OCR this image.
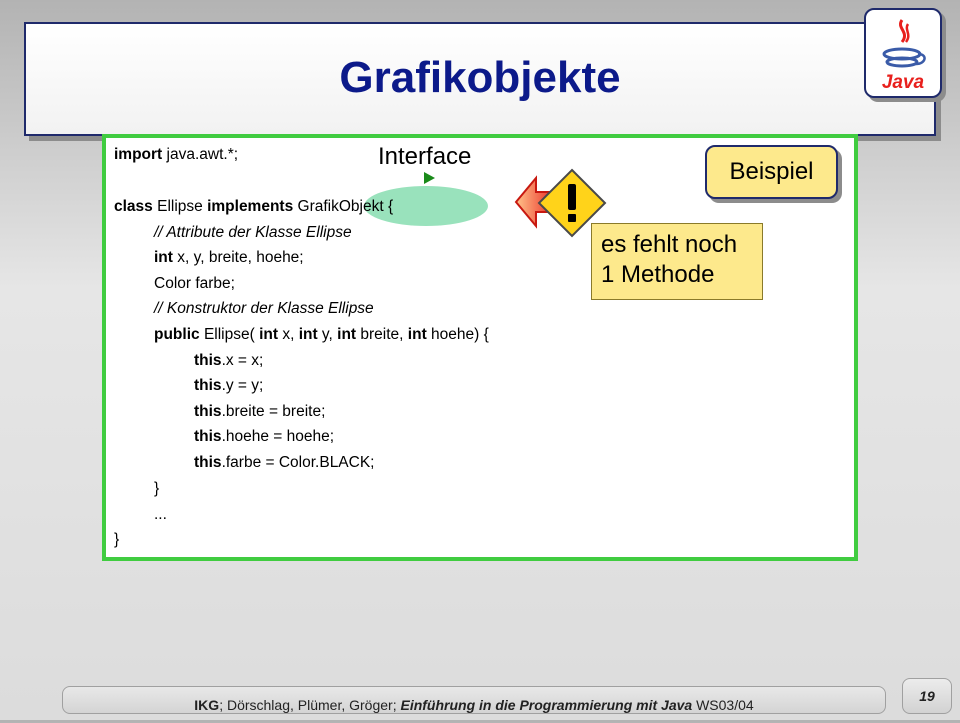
Grafikobjekte	Java
import java.awt.*;
class Ellipse implements GrafikObjekt {
// Attribute der Klasse Ellipse
int x, y, breite, hoehe;
Color farbe;
// Konstruktor der Klasse Ellipse
public Ellipse( int x, int y, int breite, int hoehe) {
this.x = x;
this.y = y;
this.breite = breite;
this.hoehe = hoehe;
this.farbe = Color.BLACK;
}
...
}
Interface
es fehlt noch
1 Methode
Beispiel
IKG; Dörschlag, Plümer, Gröger; Einführung in die Programmierung mit Java WS03/04
19
